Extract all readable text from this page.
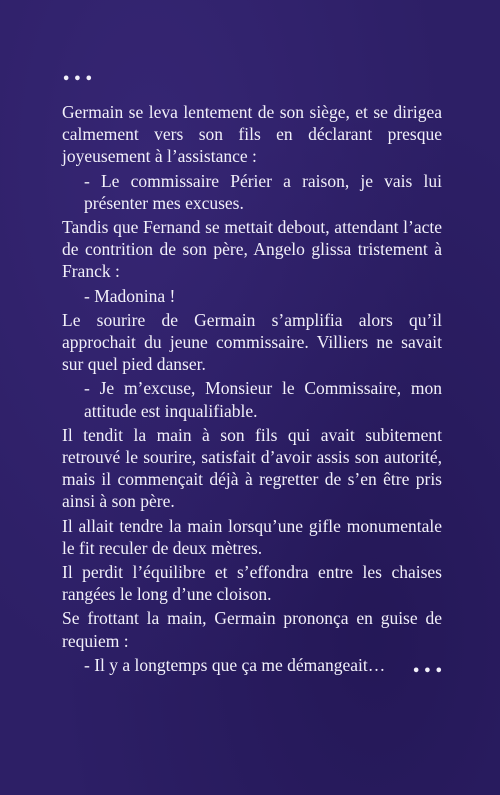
•••

Germain se leva lentement de son siège, et se dirigea calmement vers son fils en déclarant presque joyeusement à l’assistance :

- Le commissaire Périer a raison, je vais lui présenter mes excuses.

Tandis que Fernand se mettait debout, attendant l’acte de contrition de son père, Angelo glissa tristement à Franck :

- Madonina !

Le sourire de Germain s’amplifia alors qu’il approchait du jeune commissaire. Villiers ne savait sur quel pied danser.

- Je m’excuse, Monsieur le Commissaire, mon attitude est inqualifiable.

Il tendit la main à son fils qui avait subitement retrouvé le sourire, satisfait d’avoir assis son autorité, mais il commençait déjà à regretter de s’en être pris ainsi à son père.

Il allait tendre la main lorsqu’une gifle monumentale le fit reculer de deux mètres.

Il perdit l’équilibre et s’effondra entre les chaises rangées le long d’une cloison.

Se frottant la main, Germain prononça en guise de requiem :

- Il y a longtemps que ça me démangeait…	•••
